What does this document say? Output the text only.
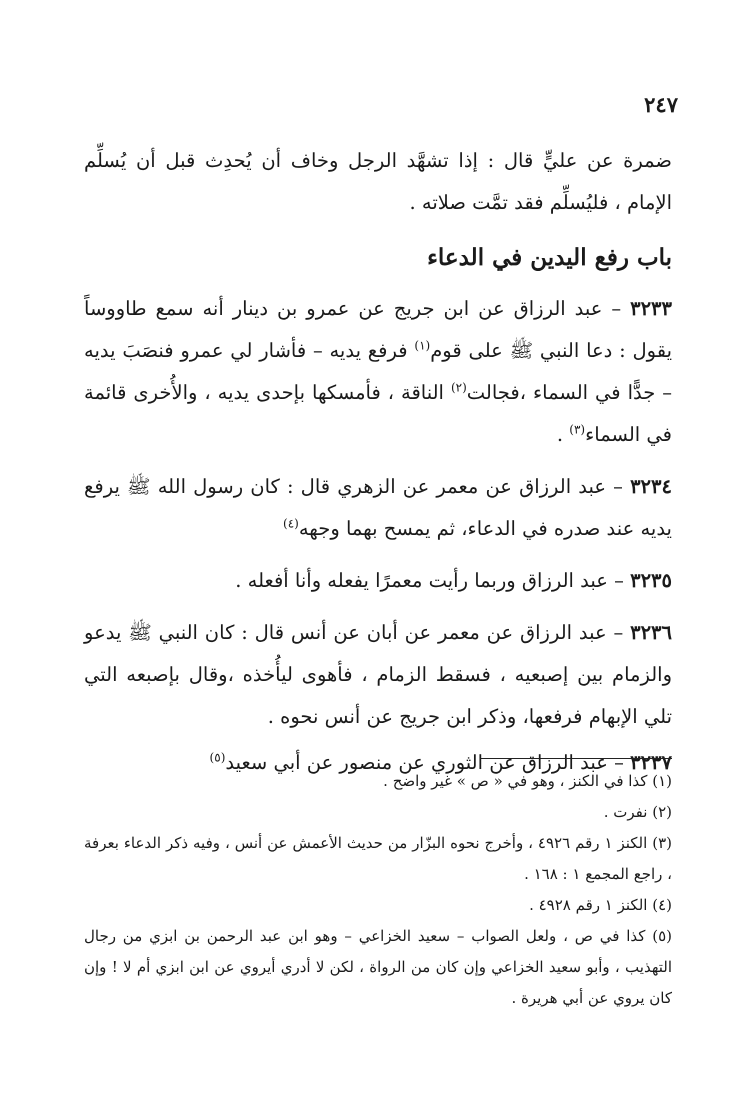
٢٤٧

ضمرة عن عليٍّ قال : إذا تشهَّد الرجل وخاف أن يُحدِث قبل أن يُسلِّم الإمام ، فليُسلِّم فقد تمَّت صلاته .

باب رفع اليدين في الدعاء

٣٢٣٣ – عبد الرزاق عن ابن جريج عن عمرو بن دينار أنه سمع طاووساً يقول : دعا النبي ﷺ على قوم$^{(١)}$ فرفع يديه – فأشار لي عمرو فنصَبَ يديه – جدًّا في السماء ،فجالت$^{(٢)}$ الناقة ، فأمسكها بإحدى يديه ، والأُخرى قائمة في السماء$^{(٣)}$ .

٣٢٣٤ – عبد الرزاق عن معمر عن الزهري قال : كان رسول الله ﷺ يرفع يديه عند صدره في الدعاء، ثم يمسح بهما وجهه$^{(٤)}$

٣٢٣٥ – عبد الرزاق وربما رأيت معمرًا يفعله وأنا أفعله .

٣٢٣٦ – عبد الرزاق عن معمر عن أبان عن أنس قال : كان النبي ﷺ يدعو والزمام بين إصبعيه ، فسقط الزمام ، فأهوى ليأُخذه ،وقال بإصبعه التي تلي الإبهام فرفعها، وذكر ابن جريج عن أنس نحوه .

٣٢٣٧ – عبد الرزاق عن الثوري عن منصور عن أبي سعيد$^{(٥)}$

(١) كذا في الكنز ، وهو في « ص » غير واضح .

(٢) نفرت .

(٣) الكنز ١ رقم ٤٩٢٦ ، وأخرج نحوه البزّار من حديث الأعمش عن أنس ، وفيه ذكر الدعاء بعرفة ، راجع المجمع ١ : ١٦٨ .

(٤) الكنز ١ رقم ٤٩٢٨ .

(٥) كذا في ص ، ولعل الصواب – سعيد الخزاعي – وهو ابن عبد الرحمن بن ابزي من رجال التهذيب ، وأبو سعيد الخزاعي وإن كان من الرواة ، لكن لا أدري أيروي عن ابن ابزي أم لا ! وإن كان يروي عن أبي هريرة .
